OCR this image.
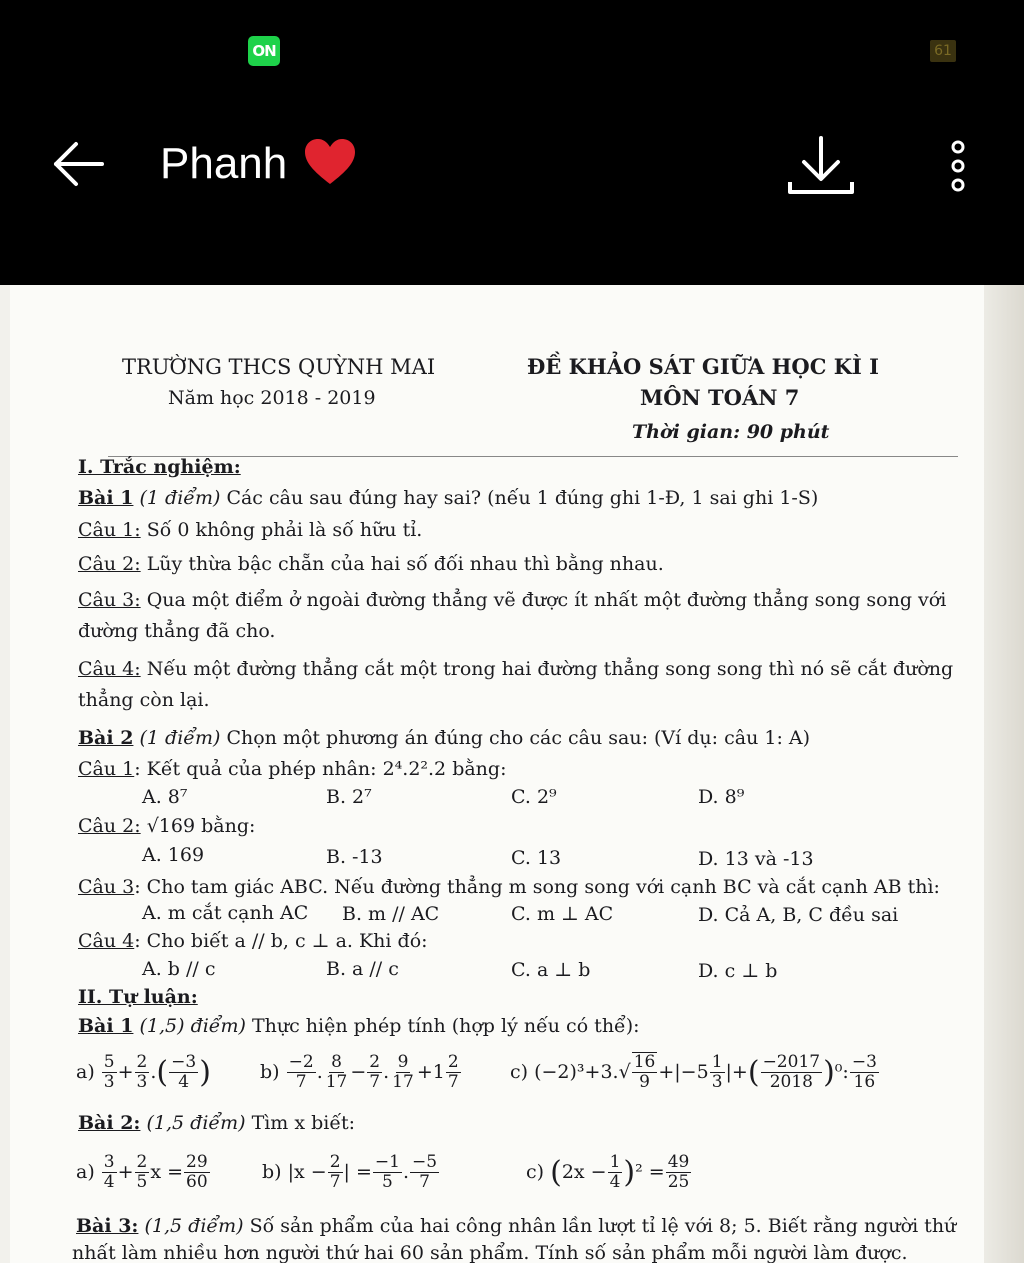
ON	61
Phanh
TRƯỜNG THCS QUỲNH MAI
Năm học 2018 - 2019
ĐỀ KHẢO SÁT GIỮA HỌC KÌ I
MÔN TOÁN 7
Thời gian: 90 phút
I. Trắc nghiệm:
Bài 1 (1 điểm) Các câu sau đúng hay sai? (nếu 1 đúng ghi 1-Đ, 1 sai ghi 1-S)
Câu 1: Số 0 không phải là số hữu tỉ.
Câu 2: Lũy thừa bậc chẵn của hai số đối nhau thì bằng nhau.
Câu 3: Qua một điểm ở ngoài đường thẳng vẽ được ít nhất một đường thẳng song song với
đường thẳng đã cho.
Câu 4: Nếu một đường thẳng cắt một trong hai đường thẳng song song thì nó sẽ cắt đường
thẳng còn lại.
Bài 2 (1 điểm) Chọn một phương án đúng cho các câu sau: (Ví dụ: câu 1: A)
Câu 1: Kết quả của phép nhân: 2⁴.2².2 bằng:
A. 8⁷	B. 2⁷	C. 2⁹	D. 8⁹
Câu 2: √169 bằng:
A. 169	B. -13	C. 13	D. 13 và -13
Câu 3: Cho tam giác ABC. Nếu đường thẳng m song song với cạnh BC và cắt cạnh AB thì:
A. m cắt cạnh AC B. m // AC	C. m ⊥ AC	D. Cả A, B, C đều sai
Câu 4: Cho biết a // b, c ⊥ a. Khi đó:
A. b // c	B. a // c	C. a ⊥ b	D. c ⊥ b
II. Tự luận:
Bài 1 (1,5) điểm) Thực hiện phép tính (hợp lý nếu có thể):
$a) \frac{5}{3} + \frac{2}{3}$ . ( $\frac{-3}{4}$ )	$b) \frac{-2}{7}$ . $\frac{8}{17} - \frac{2}{7}$ . $\frac{9}{17} +1 \frac{2}{7}$	c) $(-2)^3+3.√ \frac{16}{9} +|-5 \frac{1}{3}$ |+ ( $\frac{-2017}{2018}$ ) ⁰: $\frac{-3}{16}$
Bài 2: (1,5 điểm) Tìm x biết:
$a) \frac{3}{4} + \frac{2}{5}$ $x = \frac{29}{60}$	b) $|x - \frac{2}{7}$ | = $\frac{-1}{5}$ . $\frac{-5}{7}$	c) ( $2x - \frac{1}{4}$ ) $^2 = \frac{49}{25}$
Bài 3: (1,5 điểm) Số sản phẩm của hai công nhân lần lượt tỉ lệ với 8; 5. Biết rằng người thứ
nhất làm nhiều hơn người thứ hai 60 sản phẩm. Tính số sản phẩm mỗi người làm được.
